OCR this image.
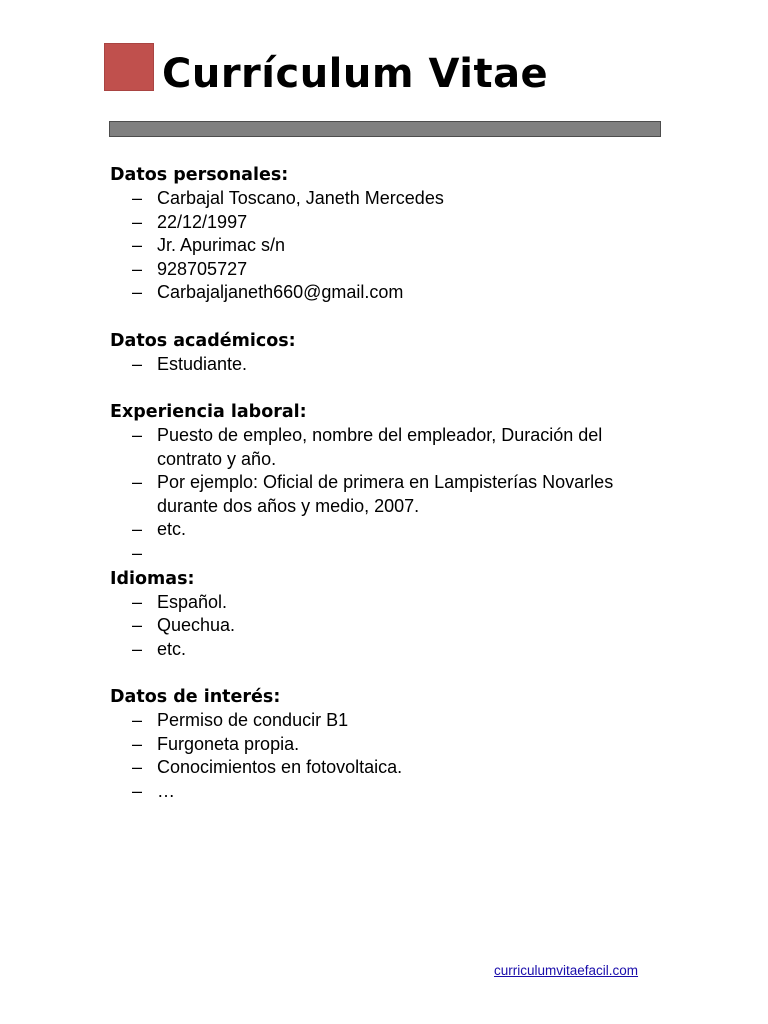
Currículum Vitae

Datos personales:

– Carbajal Toscano, Janeth Mercedes
– 22/12/1997
– Jr. Apurimac s/n
– 928705727
– Carbajaljaneth660@gmail.com

Datos académicos:

– Estudiante.

Experiencia laboral:

– Puesto de empleo, nombre del empleador, Duración del contrato y año.
– Por ejemplo: Oficial de primera en Lampisterías Novarles durante dos años y medio, 2007.
– etc.
–

Idiomas:

– Español.
– Quechua.
– etc.

Datos de interés:

– Permiso de conducir B1
– Furgoneta propia.
– Conocimientos en fotovoltaica.
– …
curriculumvitaefacil.com
